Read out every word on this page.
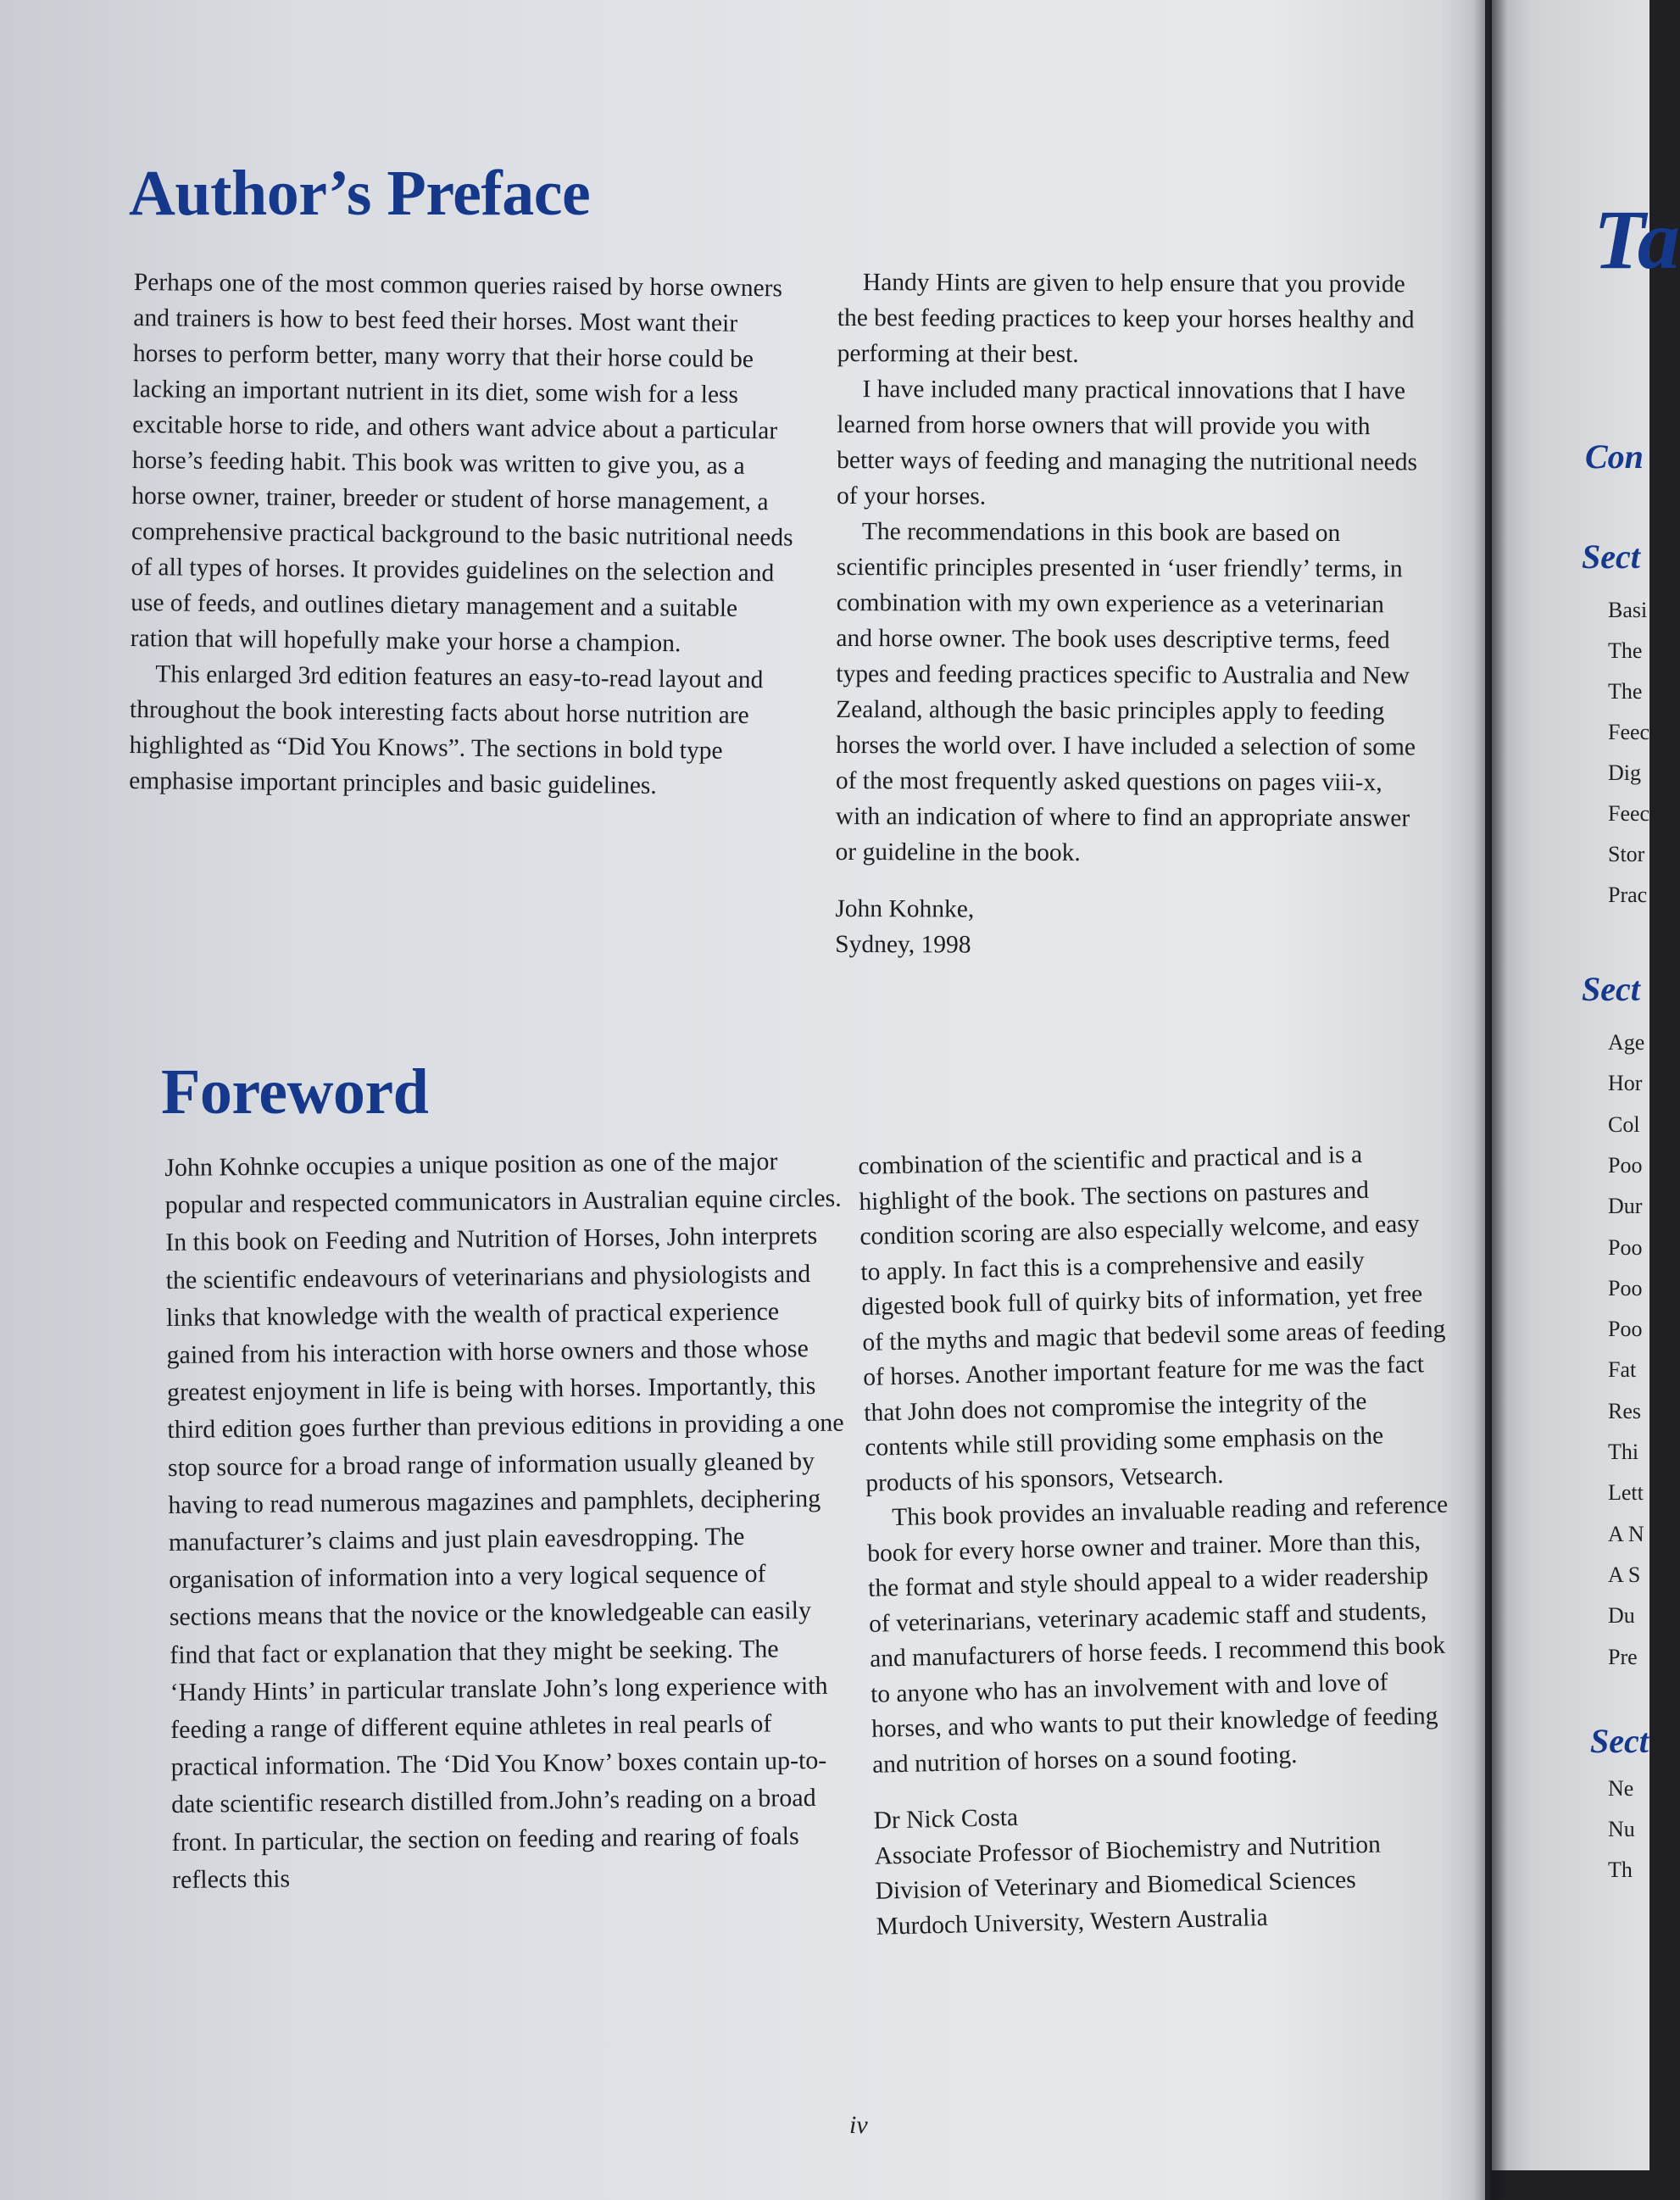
Author’s Preface

Perhaps one of the most common queries raised by horse owners and trainers is how to best feed their horses. Most want their horses to perform better, many worry that their horse could be lacking an important nutrient in its diet, some wish for a less excitable horse to ride, and others want advice about a particular horse’s feeding habit. This book was written to give you, as a horse owner, trainer, breeder or student of horse management, a comprehensive practical background to the basic nutritional needs of all types of horses. It provides guidelines on the selection and use of feeds, and outlines dietary management and a suitable ration that will hopefully make your horse a champion.

This enlarged 3rd edition features an easy-to-read layout and throughout the book interesting facts about horse nutrition are highlighted as “Did You Knows”. The sections in bold type emphasise important principles and basic guidelines.

Handy Hints are given to help ensure that you provide the best feeding practices to keep your horses healthy and performing at their best.

I have included many practical innovations that I have learned from horse owners that will provide you with better ways of feeding and managing the nutritional needs of your horses.

The recommendations in this book are based on scientific principles presented in ‘user friendly’ terms, in combination with my own experience as a veterinarian and horse owner. The book uses descriptive terms, feed types and feeding practices specific to Australia and New Zealand, although the basic principles apply to feeding horses the world over. I have included a selection of some of the most frequently asked questions on pages viii-x, with an indication of where to find an appropriate answer or guideline in the book.

John Kohnke,
Sydney, 1998

Foreword

John Kohnke occupies a unique position as one of the major popular and respected communicators in Australian equine circles. In this book on Feeding and Nutrition of Horses, John interprets the scientific endeavours of veterinarians and physiologists and links that knowledge with the wealth of practical experience gained from his interaction with horse owners and those whose greatest enjoyment in life is being with horses. Importantly, this third edition goes further than previous editions in providing a one stop source for a broad range of information usually gleaned by having to read numerous magazines and pamphlets, deciphering manufacturer’s claims and just plain eavesdropping. The organisation of information into a very logical sequence of sections means that the novice or the knowledgeable can easily find that fact or explanation that they might be seeking. The ‘Handy Hints’ in particular translate John’s long experience with feeding a range of different equine athletes in real pearls of practical information. The ‘Did You Know’ boxes contain up-to-date scientific research distilled from.John’s reading on a broad front. In particular, the section on feeding and rearing of foals reflects this

combination of the scientific and practical and is a highlight of the book. The sections on pastures and condition scoring are also especially welcome, and easy to apply. In fact this is a comprehensive and easily digested book full of quirky bits of information, yet free of the myths and magic that bedevil some areas of feeding of horses. Another important feature for me was the fact that John does not compromise the integrity of the contents while still providing some emphasis on the products of his sponsors, Vetsearch.

This book provides an invaluable reading and reference book for every horse owner and trainer. More than this, the format and style should appeal to a wider readership of veterinarians, veterinary academic staff and students, and manufacturers of horse feeds. I recommend this book to anyone who has an involvement with and love of horses, and who wants to put their knowledge of feeding and nutrition of horses on a sound footing.

Dr Nick Costa
Associate Professor of Biochemistry and Nutrition
Division of Veterinary and Biomedical Sciences
Murdoch University, Western Australia

iv

Ta

Con

Sect

Sect

Sect

Basi

The

The

Feec

Dig

Feec

Stor

Prac

Age

Hor

Col

Poo

Dur

Poo

Poo

Poo

Fat

Res

Thi

Lett

A N

A S

Du

Pre

Ne

Nu

Th
